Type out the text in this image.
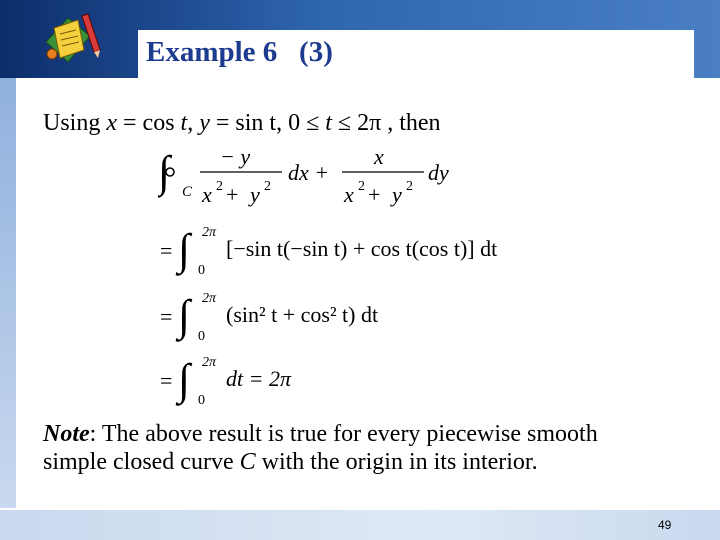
Example 6   (3)
Using x = cos t, y = sin t, 0 ≤ t ≤ 2π , then
∫ C
− y
x 2 + y 2
dx +
x
x 2 + y 2
dy
= ∫ 2π
0
[−sin t(−sin t) + cos t(cos t)] dt
= ∫ 2π
0
(sin² t + cos² t) dt
= ∫ 2π
0
dt = 2π
Note: The above result is true for every piecewise smooth simple closed curve C with the origin in its interior.
49
